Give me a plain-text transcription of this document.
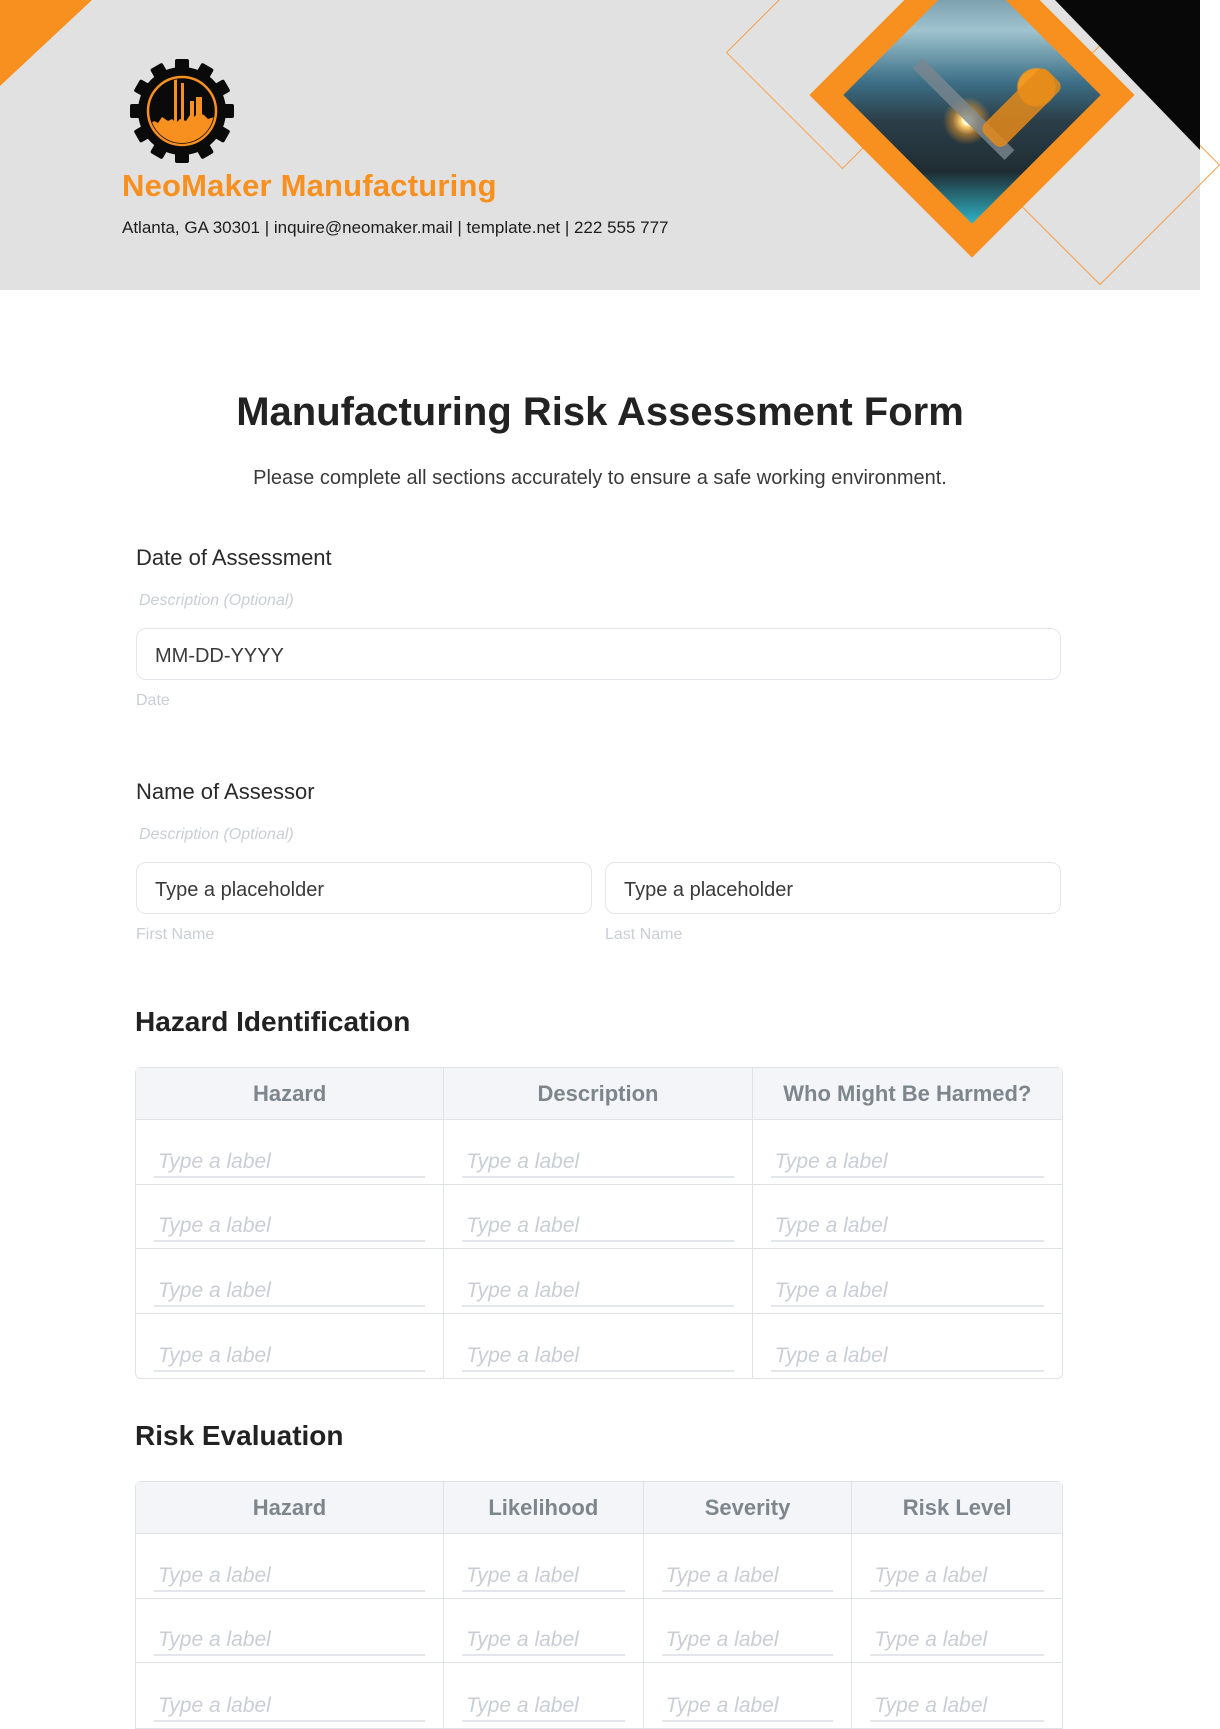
NeoMaker Manufacturing
Atlanta, GA 30301 | inquire@neomaker.mail | template.net | 222 555 777
Manufacturing Risk Assessment Form
Please complete all sections accurately to ensure a safe working environment.
Date of Assessment
Description (Optional)
MM-DD-YYYY
Date
Name of Assessor
Description (Optional)
Type a placeholder	Type a placeholder
First Name	Last Name
Hazard Identification
Hazard	Description	Who Might Be Harmed?

Type a label	Type a label	Type a label

Type a label	Type a label	Type a label

Type a label	Type a label	Type a label

Type a label	Type a label	Type a label
Risk Evaluation
Hazard	Likelihood	Severity	Risk Level

Type a label	Type a label	Type a label	Type a label

Type a label	Type a label	Type a label	Type a label

Type a label	Type a label	Type a label	Type a label
